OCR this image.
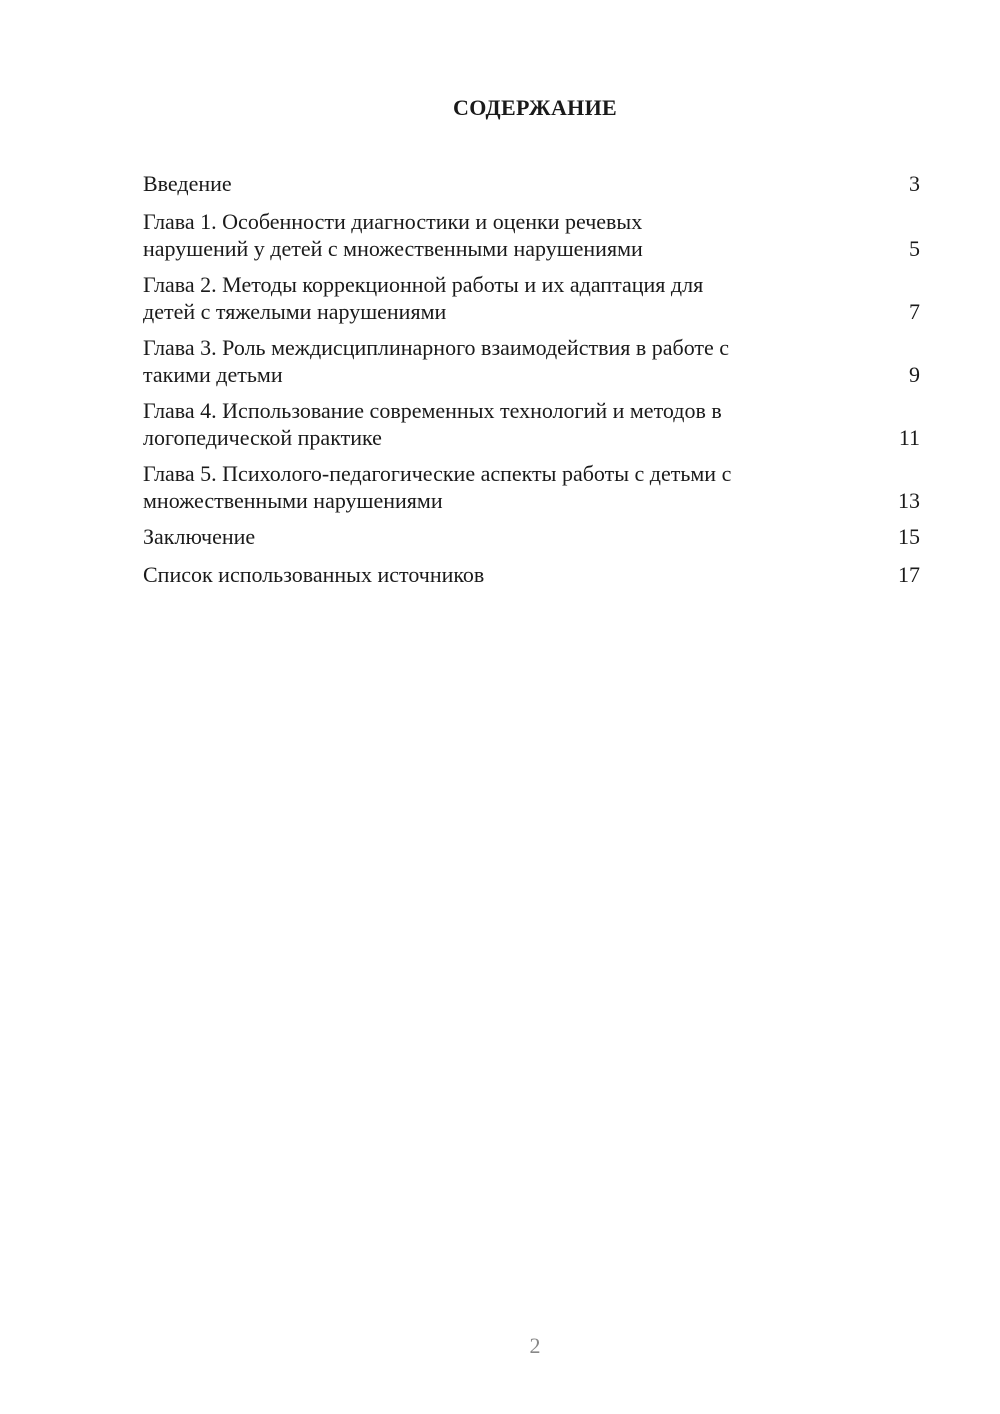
СОДЕРЖАНИЕ
Введение	3
Глава 1. Особенности диагностики и оценки речевых
нарушений у детей с множественными нарушениями	5
Глава 2. Методы коррекционной работы и их адаптация для
детей с тяжелыми нарушениями	7
Глава 3. Роль междисциплинарного взаимодействия в работе с
такими детьми	9
Глава 4. Использование современных технологий и методов в
логопедической практике	11
Глава 5. Психолого-педагогические аспекты работы с детьми с
множественными нарушениями	13
Заключение	15
Список использованных источников	17
2
